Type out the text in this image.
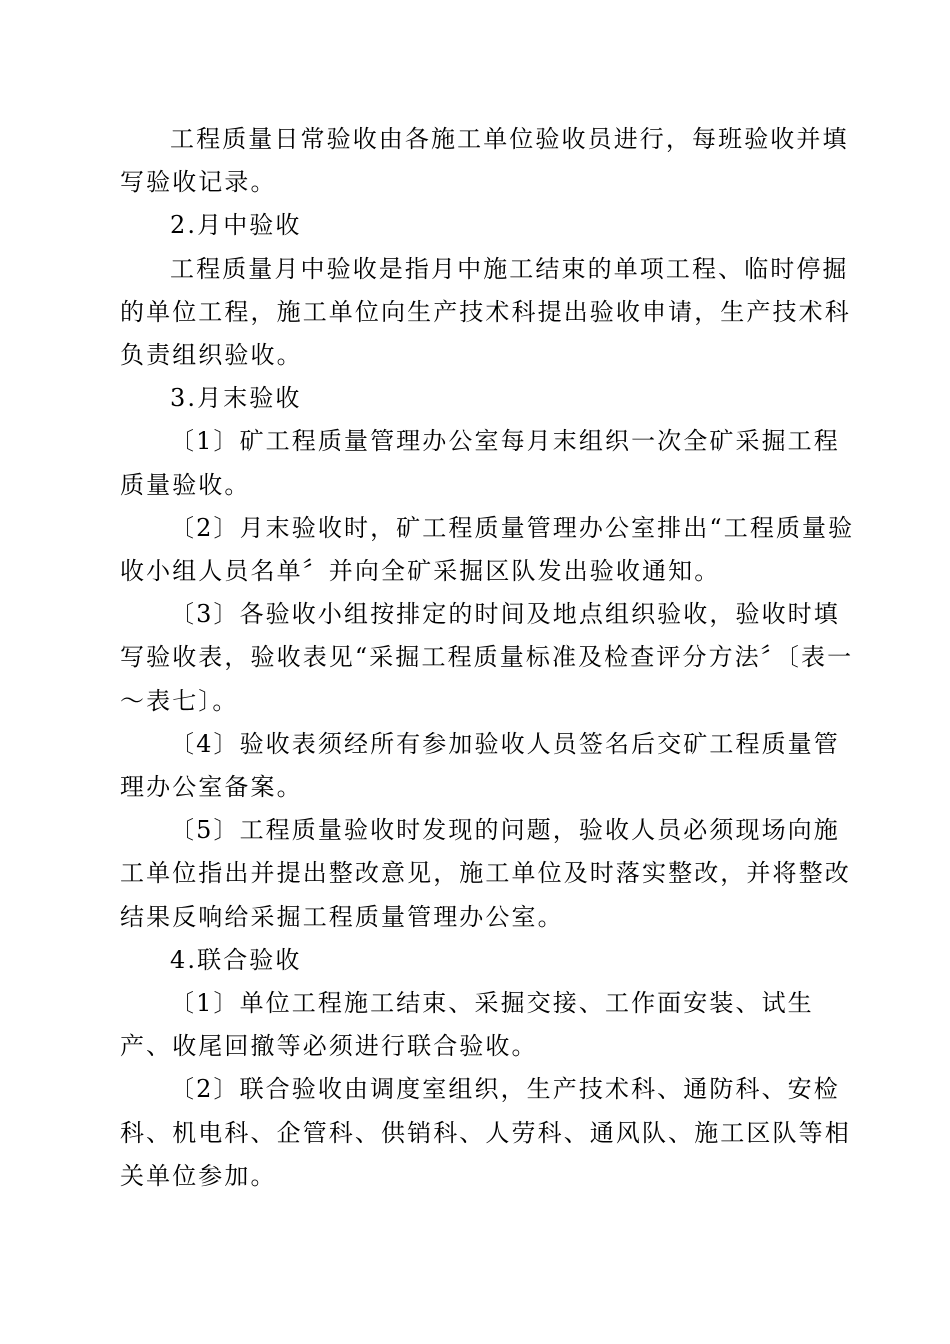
工程质量日常验收由各施工单位验收员进行，每班验收并填写验收记录。

2.月中验收

工程质量月中验收是指月中施工结束的单项工程、临时停掘的单位工程，施工单位向生产技术科提出验收申请，生产技术科负责组织验收。

3.月末验收

〔1〕矿工程质量管理办公室每月末组织一次全矿采掘工程质量验收。

〔2〕月末验收时，矿工程质量管理办公室排出“工程质量验收小组人员名单〞并向全矿采掘区队发出验收通知。

〔3〕各验收小组按排定的时间及地点组织验收，验收时填写验收表，验收表见“采掘工程质量标准及检查评分方法〞〔表一～表七〕。

〔4〕验收表须经所有参加验收人员签名后交矿工程质量管理办公室备案。

〔5〕工程质量验收时发现的问题，验收人员必须现场向施工单位指出并提出整改意见，施工单位及时落实整改，并将整改结果反响给采掘工程质量管理办公室。

4.联合验收

〔1〕单位工程施工结束、采掘交接、工作面安装、试生产、收尾回撤等必须进行联合验收。

〔2〕联合验收由调度室组织，生产技术科、通防科、安检科、机电科、企管科、供销科、人劳科、通风队、施工区队等相关单位参加。
